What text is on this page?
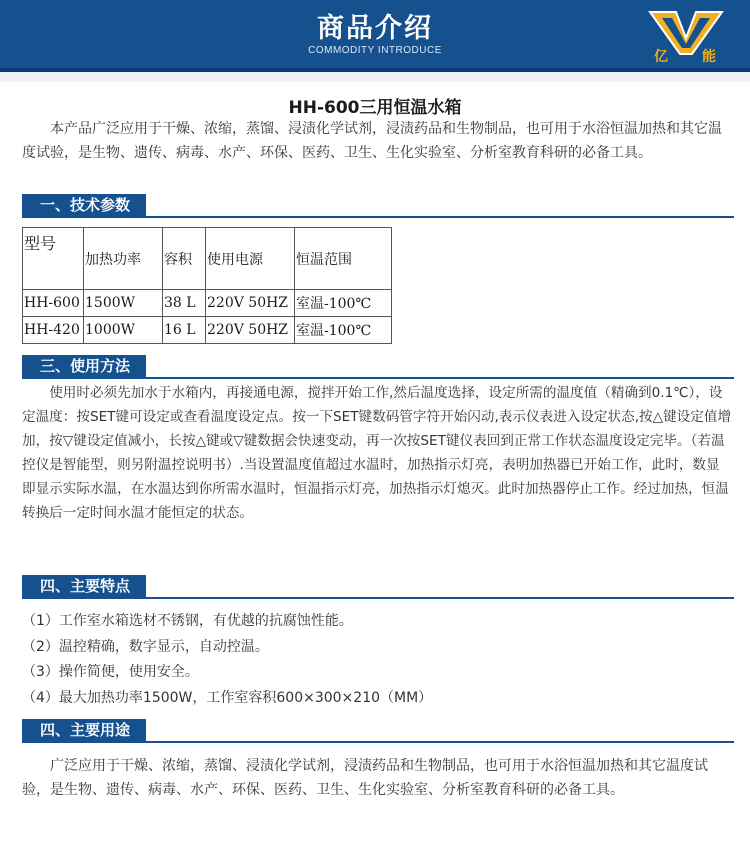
商品介绍
COMMODITY INTRODUCE	亿 能
HH-600三用恒温水箱

本产品广泛应用于干燥、浓缩，蒸馏、浸渍化学试剂，浸渍药品和生物制品，也可用于水浴恒温加热和其它温度试验，是生物、遗传、病毒、水产、环保、医药、卫生、生化实验室、分析室教育科研的必备工具。

一、技术参数
型号	加热功率	容积	使用电源	恒温范围
HH-600	1500W	38 L	220V 50HZ	室温-100℃
HH-420	1000W	16 L	220V 50HZ	室温-100℃
三、使用方法

使用时必须先加水于水箱内，再接通电源，搅拌开始工作,然后温度选择，设定所需的温度值（精确到0.1℃），设定温度：按SET键可设定或查看温度设定点。按一下SET键数码管字符开始闪动,表示仪表进入设定状态,按△键设定值增加，按▽键设定值减小，长按△键或▽键数据会快速变动，再一次按SET键仪表回到正常工作状态温度设定完毕。（若温控仪是智能型，则另附温控说明书）.当设置温度值超过水温时，加热指示灯亮，表明加热器已开始工作，此时，数显即显示实际水温，在水温达到你所需水温时，恒温指示灯亮，加热指示灯熄灭。此时加热器停止工作。经过加热，恒温转换后一定时间水温才能恒定的状态。

四、主要特点
（1）工作室水箱选材不锈钢，有优越的抗腐蚀性能。
（2）温控精确，数字显示，自动控温。
（3）操作简便，使用安全。
（4）最大加热功率1500W，工作室容积600×300×210（MM）
四、主要用途

广泛应用于干燥、浓缩，蒸馏、浸渍化学试剂，浸渍药品和生物制品，也可用于水浴恒温加热和其它温度试验，是生物、遗传、病毒、水产、环保、医药、卫生、生化实验室、分析室教育科研的必备工具。
